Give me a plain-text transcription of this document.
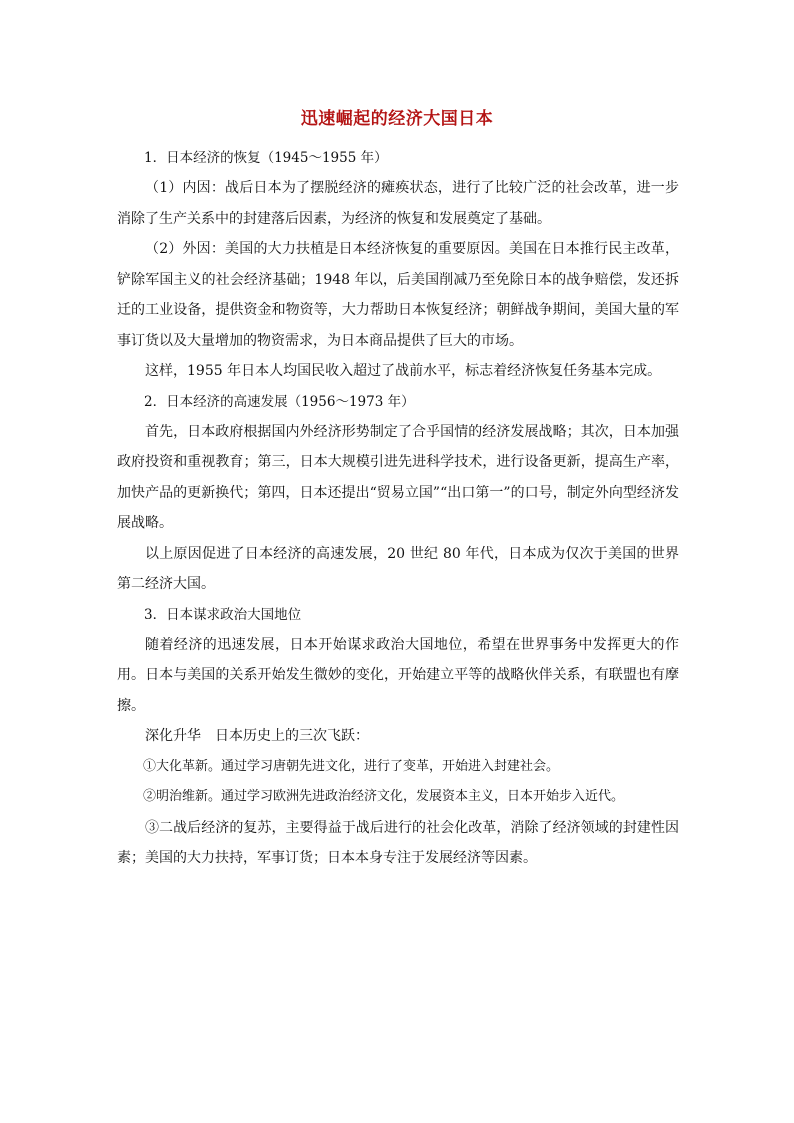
迅速崛起的经济大国日本

1．日本经济的恢复（1945～1955 年）

（1）内因：战后日本为了摆脱经济的瘫痪状态，进行了比较广泛的社会改革，进一步消除了生产关系中的封建落后因素，为经济的恢复和发展奠定了基础。

（2）外因：美国的大力扶植是日本经济恢复的重要原因。美国在日本推行民主改革，铲除军国主义的社会经济基础；1948 年以，后美国削减乃至免除日本的战争赔偿，发还拆迁的工业设备，提供资金和物资等，大力帮助日本恢复经济；朝鲜战争期间，美国大量的军事订货以及大量增加的物资需求，为日本商品提供了巨大的市场。

这样，1955 年日本人均国民收入超过了战前水平，标志着经济恢复任务基本完成。

2．日本经济的高速发展（1956～1973 年）

首先，日本政府根据国内外经济形势制定了合乎国情的经济发展战略；其次，日本加强政府投资和重视教育；第三，日本大规模引进先进科学技术，进行设备更新，提高生产率，加快产品的更新换代；第四，日本还提出“贸易立国”“出口第一”的口号，制定外向型经济发展战略。

以上原因促进了日本经济的高速发展，20 世纪 80 年代，日本成为仅次于美国的世界第二经济大国。

3．日本谋求政治大国地位

随着经济的迅速发展，日本开始谋求政治大国地位，希望在世界事务中发挥更大的作用。日本与美国的关系开始发生微妙的变化，开始建立平等的战略伙伴关系，有联盟也有摩擦。

深化升华　日本历史上的三次飞跃：

①大化革新。通过学习唐朝先进文化，进行了变革，开始进入封建社会。

②明治维新。通过学习欧洲先进政治经济文化，发展资本主义，日本开始步入近代。

③二战后经济的复苏，主要得益于战后进行的社会化改革，消除了经济领域的封建性因素；美国的大力扶持，军事订货；日本本身专注于发展经济等因素。
